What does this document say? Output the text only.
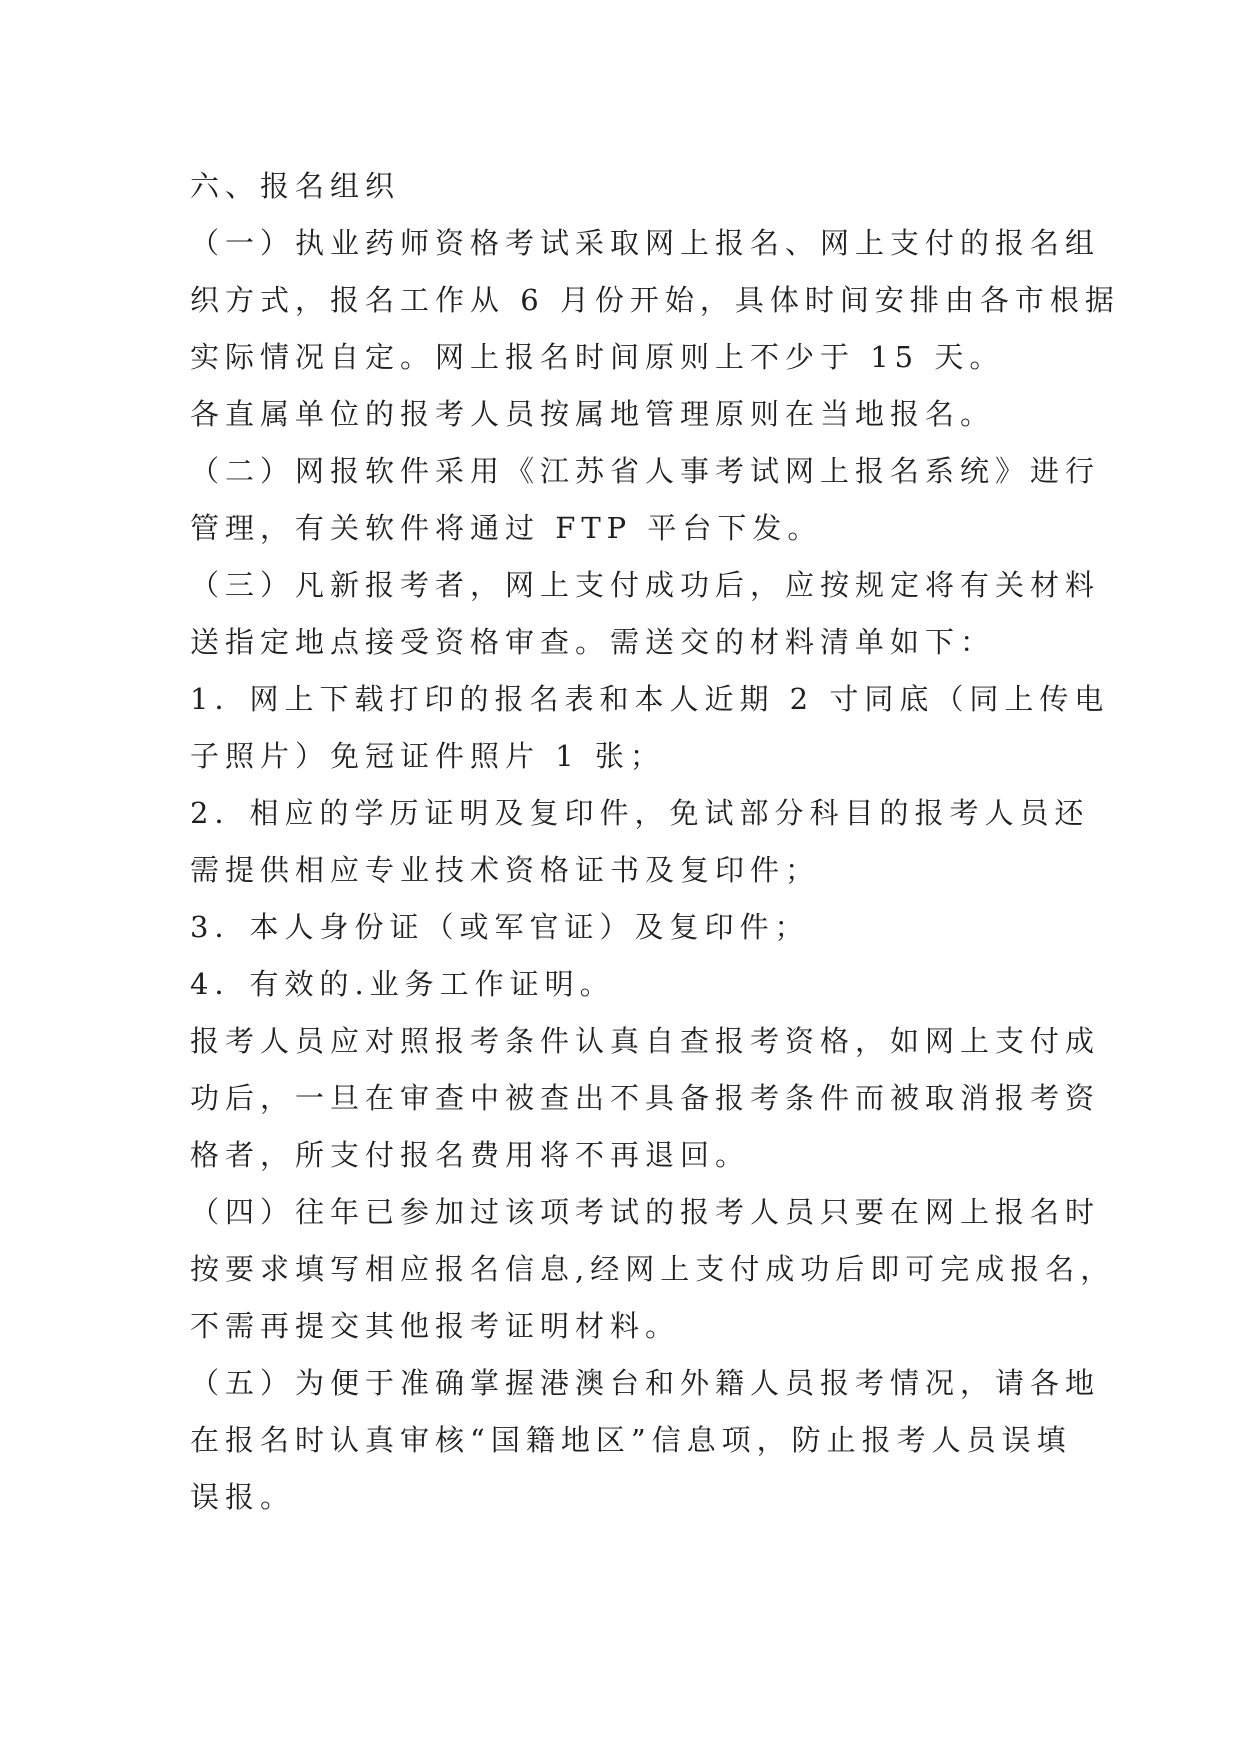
六、报名组织
（一）执业药师资格考试采取网上报名、网上支付的报名组
织方式，报名工作从 6 月份开始，具体时间安排由各市根据
实际情况自定。网上报名时间原则上不少于 15 天。
各直属单位的报考人员按属地管理原则在当地报名。
（二）网报软件采用《江苏省人事考试网上报名系统》进行
管理，有关软件将通过 FTP 平台下发。
（三）凡新报考者，网上支付成功后，应按规定将有关材料
送指定地点接受资格审查。需送交的材料清单如下：
1．网上下载打印的报名表和本人近期 2 寸同底（同上传电
子照片）免冠证件照片 1 张；
2．相应的学历证明及复印件，免试部分科目的报考人员还
需提供相应专业技术资格证书及复印件；
3．本人身份证（或军官证）及复印件；
4．有效的.业务工作证明。
报考人员应对照报考条件认真自查报考资格，如网上支付成
功后，一旦在审查中被查出不具备报考条件而被取消报考资
格者，所支付报名费用将不再退回。
（四）往年已参加过该项考试的报考人员只要在网上报名时
按要求填写相应报名信息,经网上支付成功后即可完成报名，
不需再提交其他报考证明材料。
（五）为便于准确掌握港澳台和外籍人员报考情况，请各地
在报名时认真审核“国籍地区”信息项，防止报考人员误填
误报。
